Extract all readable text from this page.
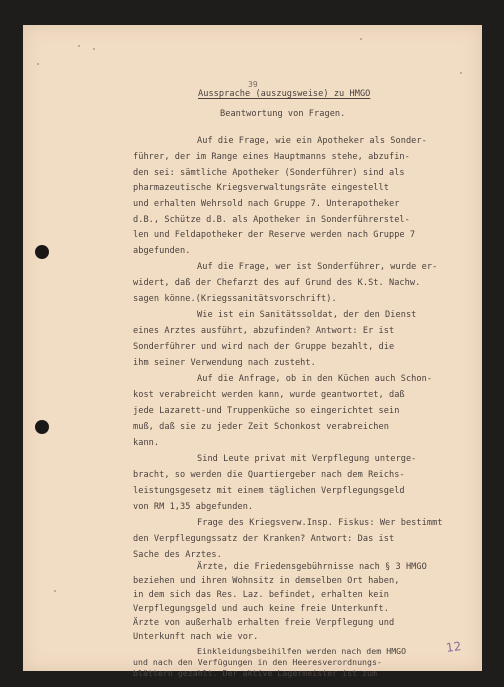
39
Aussprache (auszugsweise) zu HMGO
Beantwortung von Fragen.
Auf die Frage, wie ein Apotheker als Sonder-
führer, der im Range eines Hauptmanns stehe, abzufin-
den sei: sämtliche Apotheker (Sonderführer) sind als
pharmazeutische Kriegsverwaltungsräte eingestellt
und erhalten Wehrsold nach Gruppe 7. Unterapotheker
d.B., Schütze d.B. als Apotheker in Sonderführerstel-
len und Feldapotheker der Reserve werden nach Gruppe 7
abgefunden.
Auf die Frage, wer ist Sonderführer, wurde er-
widert, daß der Chefarzt des auf Grund des K.St. Nachw.
sagen könne.(Kriegssanitätsvorschrift).
Wie ist ein Sanitätssoldat, der den Dienst
eines Arztes ausführt, abzufinden? Antwort: Er ist
Sonderführer und wird nach der Gruppe bezahlt, die
ihm seiner Verwendung nach zusteht.
Auf die Anfrage, ob in den Küchen auch Schon-
kost verabreicht werden kann, wurde geantwortet, daß
jede Lazarett-und Truppenküche so eingerichtet sein
muß, daß sie zu jeder Zeit Schonkost verabreichen
kann.
Sind Leute privat mit Verpflegung unterge-
bracht, so werden die Quartiergeber nach dem Reichs-
leistungsgesetz mit einem täglichen Verpflegungsgeld
von RM 1,35 abgefunden.
Frage des Kriegsverw.Insp. Fiskus: Wer bestimmt
den Verpflegungssatz der Kranken? Antwort: Das ist
Sache des Arztes.
Ärzte, die Friedensgebührnisse nach § 3 HMGO
beziehen und ihren Wohnsitz in demselben Ort haben,
in dem sich das Res. Laz. befindet, erhalten kein
Verpflegungsgeld und auch keine freie Unterkunft.
Ärzte von außerhalb erhalten freie Verpflegung und
Unterkunft nach wie vor.
12
Einkleidungsbeihilfen werden nach dem HMGO
und nach den Verfügungen in den Heeresverordnungs-
blättern gezahlt. Der aktive Lagermeister ist zum
